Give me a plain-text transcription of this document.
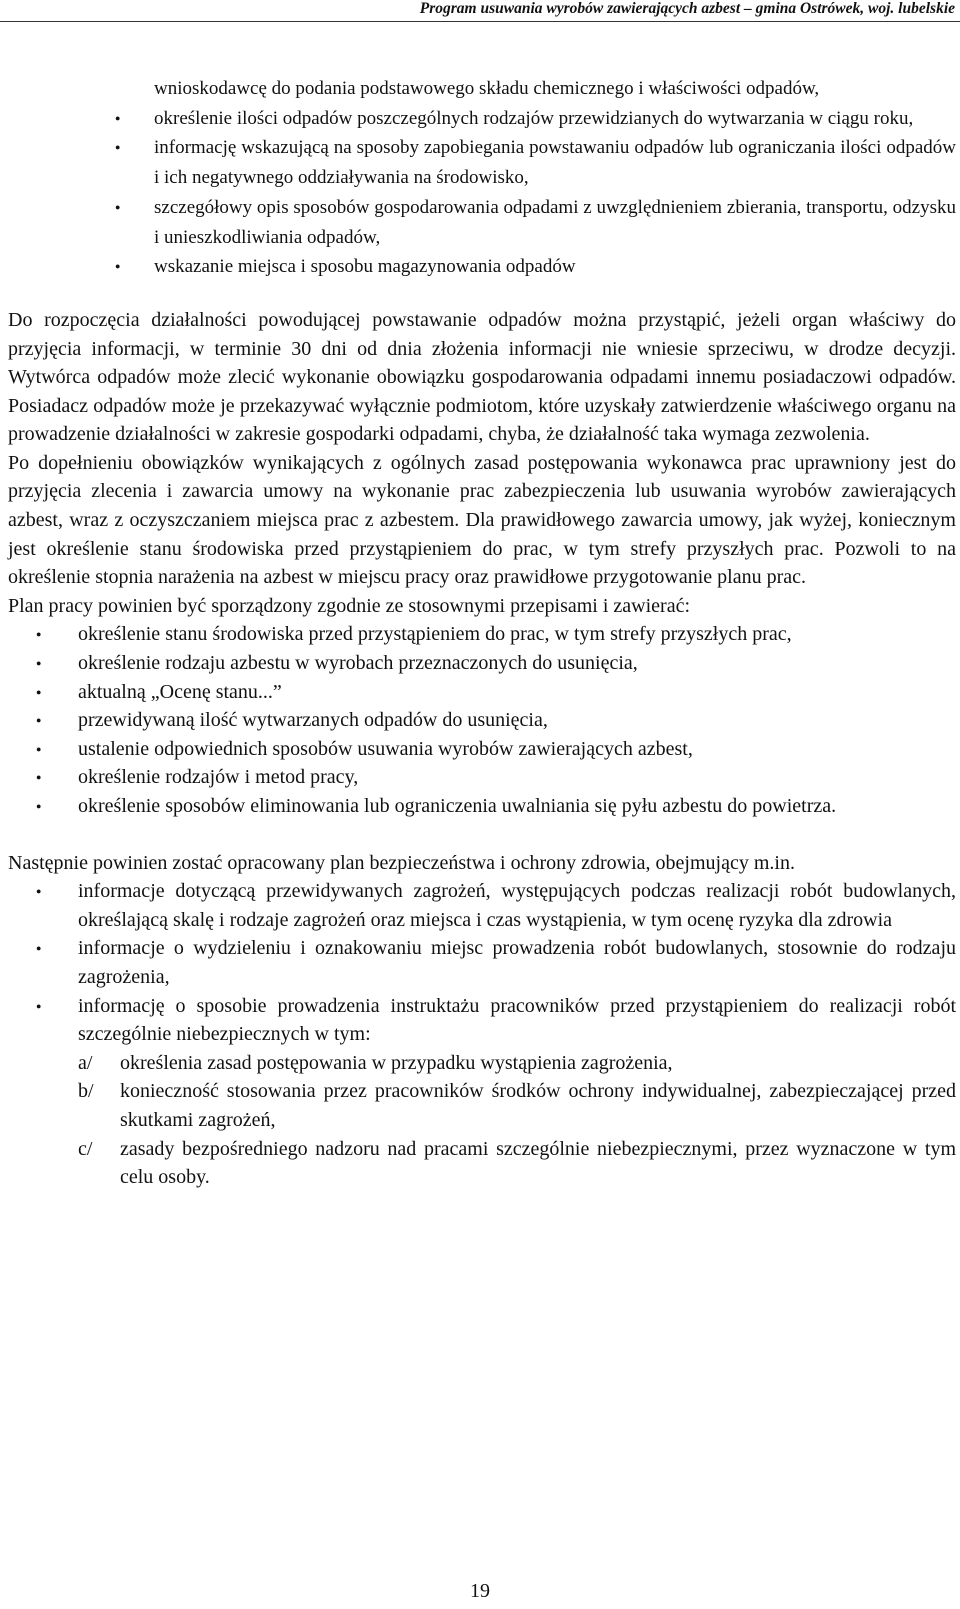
Program usuwania wyrobów zawierających azbest – gmina Ostrówek, woj. lubelskie
wnioskodawcę do podania podstawowego składu chemicznego i właściwości odpadów,
● określenie ilości odpadów poszczególnych rodzajów przewidzianych do wytwarzania w ciągu roku,
● informację wskazującą na sposoby zapobiegania powstawaniu odpadów lub ograniczania ilości odpadów i ich negatywnego oddziaływania na środowisko,
● szczegółowy opis sposobów gospodarowania odpadami z uwzględnieniem zbierania, transportu, odzysku i unieszkodliwiania odpadów,
● wskazanie miejsca i sposobu magazynowania odpadów

Do rozpoczęcia działalności powodującej powstawanie odpadów można przystąpić, jeżeli organ właściwy do przyjęcia informacji, w terminie 30 dni od dnia złożenia informacji nie wniesie sprzeciwu, w drodze decyzji. Wytwórca odpadów może zlecić wykonanie obowiązku gospodarowania odpadami innemu posiadaczowi odpadów. Posiadacz odpadów może je przekazywać wyłącznie podmiotom, które uzyskały zatwierdzenie właściwego organu na prowadzenie działalności w zakresie gospodarki odpadami, chyba, że działalność taka wymaga zezwolenia.

Po dopełnieniu obowiązków wynikających z ogólnych zasad postępowania wykonawca prac uprawniony jest do przyjęcia zlecenia i zawarcia umowy na wykonanie prac zabezpieczenia lub usuwania wyrobów zawierających azbest, wraz z oczyszczaniem miejsca prac z azbestem. Dla prawidłowego zawarcia umowy, jak wyżej, koniecznym jest określenie stanu środowiska przed przystąpieniem do prac, w tym strefy przyszłych prac. Pozwoli to na określenie stopnia narażenia na azbest w miejscu pracy oraz prawidłowe przygotowanie planu prac.

Plan pracy powinien być sporządzony zgodnie ze stosownymi przepisami i zawierać:

● określenie stanu środowiska przed przystąpieniem do prac, w tym strefy przyszłych prac,
● określenie rodzaju azbestu w wyrobach przeznaczonych do usunięcia,
● aktualną „Ocenę stanu...”
● przewidywaną ilość wytwarzanych odpadów do usunięcia,
● ustalenie odpowiednich sposobów usuwania wyrobów zawierających azbest,
● określenie rodzajów i metod pracy,
● określenie sposobów eliminowania lub ograniczenia uwalniania się pyłu azbestu do powietrza.

Następnie powinien zostać opracowany plan bezpieczeństwa i ochrony zdrowia, obejmujący m.in.

● informacje dotyczącą przewidywanych zagrożeń, występujących podczas realizacji robót budowlanych, określającą skalę i rodzaje zagrożeń oraz miejsca i czas wystąpienia, w tym ocenę ryzyka dla zdrowia
● informacje o wydzieleniu i oznakowaniu miejsc prowadzenia robót budowlanych, stosownie do rodzaju zagrożenia,
● informację o sposobie prowadzenia instruktażu pracowników przed przystąpieniem do realizacji robót szczególnie niebezpiecznych w tym:
a/ określenia zasad postępowania w przypadku wystąpienia zagrożenia,
b/ konieczność stosowania przez pracowników środków ochrony indywidualnej, zabezpieczającej przed skutkami zagrożeń,
c/ zasady bezpośredniego nadzoru nad pracami szczególnie niebezpiecznymi, przez wyznaczone w tym celu osoby.
19
